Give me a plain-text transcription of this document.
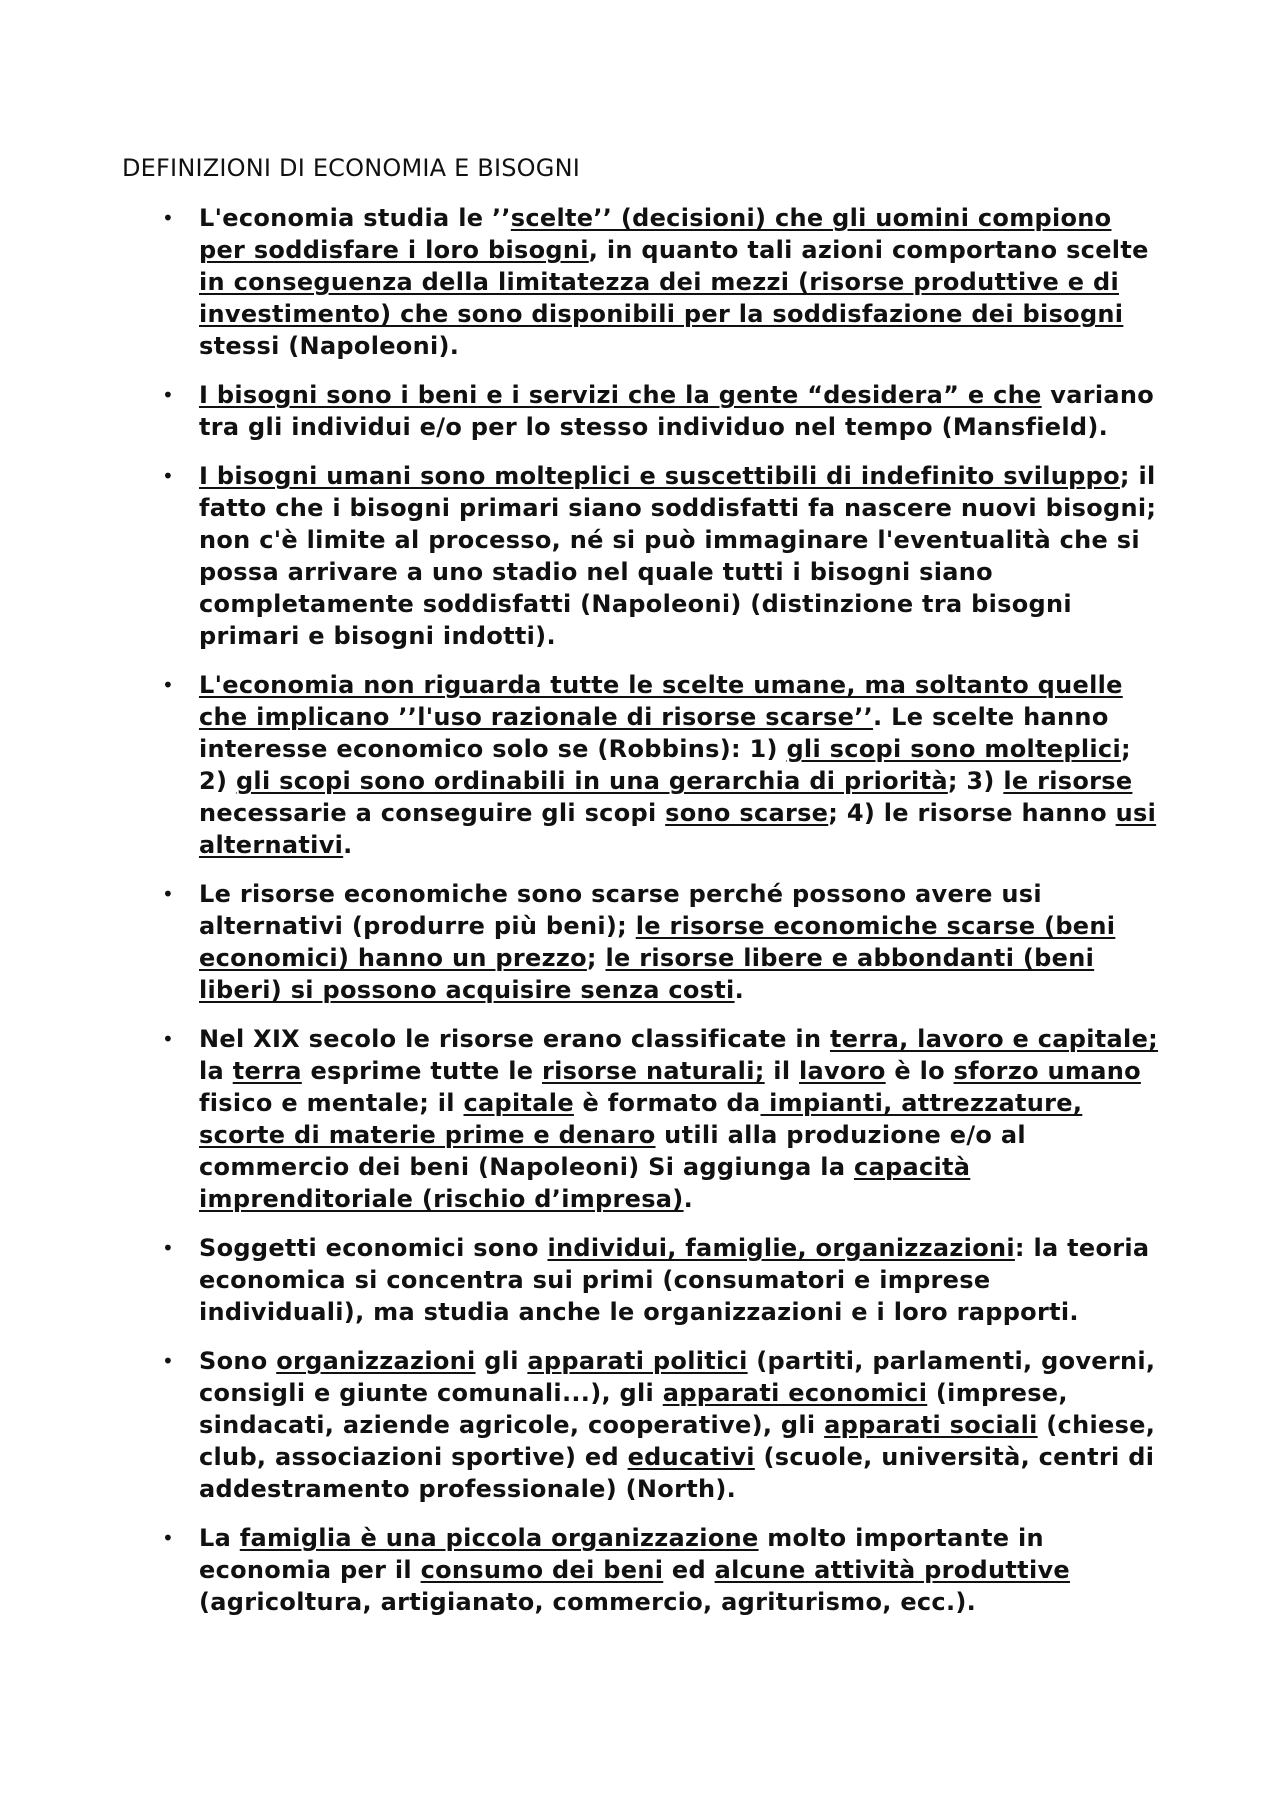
DEFINIZIONI DI ECONOMIA E BISOGNI
• L'economia studia le ’’scelte’’ (decisioni) che gli uomini compiono per soddisfare i loro bisogni, in quanto tali azioni comportano scelte in conseguenza della limitatezza dei mezzi (risorse produttive e di investimento) che sono disponibili per la soddisfazione dei bisogni stessi (Napoleoni).
• I bisogni sono i beni e i servizi che la gente “desidera” e che variano tra gli individui e/o per lo stesso individuo nel tempo (Mansfield).
• I bisogni umani sono molteplici e suscettibili di indefinito sviluppo; il fatto che i bisogni primari siano soddisfatti fa nascere nuovi bisogni; non c'è limite al processo, né si può immaginare l'eventualità che si possa arrivare a uno stadio nel quale tutti i bisogni siano completamente soddisfatti (Napoleoni) (distinzione tra bisogni primari e bisogni indotti).
• L'economia non riguarda tutte le scelte umane, ma soltanto quelle che implicano ’’l'uso razionale di risorse scarse’’. Le scelte hanno interesse economico solo se (Robbins): 1) gli scopi sono molteplici; 2) gli scopi sono ordinabili in una gerarchia di priorità; 3) le risorse necessarie a conseguire gli scopi sono scarse; 4) le risorse hanno usi alternativi.
• Le risorse economiche sono scarse perché possono avere usi alternativi (produrre più beni); le risorse economiche scarse (beni economici) hanno un prezzo; le risorse libere e abbondanti (beni liberi) si possono acquisire senza costi.
• Nel XIX secolo le risorse erano classificate in terra, lavoro e capitale; la terra esprime tutte le risorse naturali; il lavoro è lo sforzo umano fisico e mentale; il capitale è formato da impianti, attrezzature, scorte di materie prime e denaro utili alla produzione e/o al commercio dei beni (Napoleoni) Si aggiunga la capacità imprenditoriale (rischio d’impresa).
• Soggetti economici sono individui, famiglie, organizzazioni: la teoria economica si concentra sui primi (consumatori e imprese individuali), ma studia anche le organizzazioni e i loro rapporti.
• Sono organizzazioni gli apparati politici (partiti, parlamenti, governi, consigli e giunte comunali...), gli apparati economici (imprese, sindacati, aziende agricole, cooperative), gli apparati sociali (chiese, club, associazioni sportive) ed educativi (scuole, università, centri di addestramento professionale) (North).
• La famiglia è una piccola organizzazione molto importante in economia per il consumo dei beni ed alcune attività produttive (agricoltura, artigianato, commercio, agriturismo, ecc.).
